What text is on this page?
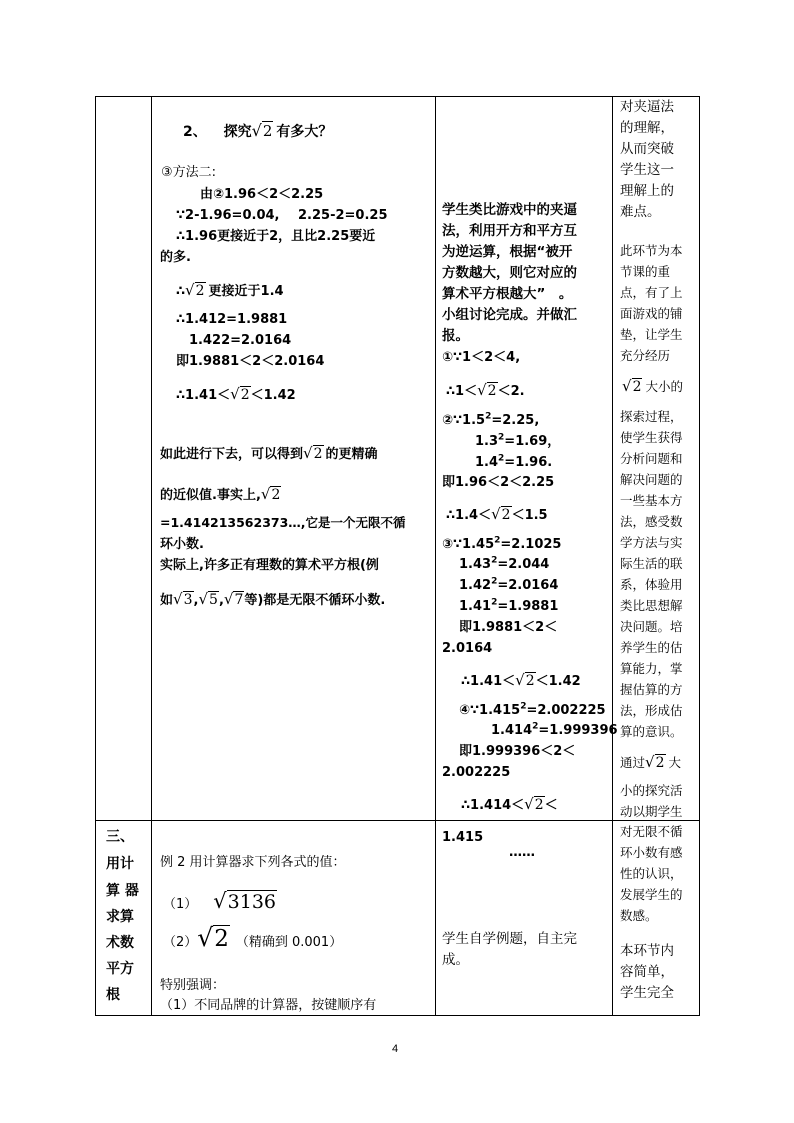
2、 探究√2 有多大？
③方法二:
由②1.96＜2＜2.25
∵2-1.96=0.04, 2.25-2=0.25
∴1.96更接近于2，且比2.25要近
的多.
∴√2 更接近于1.4
∴1.412=1.9881
1.422=2.0164
即1.9881＜2＜2.0164
∴1.41＜√2＜1.42
如此进行下去，可以得到√2 的更精确
的近似值.事实上,√2
=1.414213562373…,它是一个无限不循
环小数.
实际上,许多正有理数的算术平方根(例
如√3,√5,√7等)都是无限不循环小数.
学生类比游戏中的夹逼
法，利用开方和平方互
为逆运算，根据“被开
方数越大，则它对应的
算术平方根越大”　。
小组讨论完成。并做汇
报。
①∵1＜2＜4,
∴1＜√2＜2.
$②\because 1.5^2=2.25$,
$1.3^2=1.69$，
$1.4^2=1.96$.
即1.96＜2＜2.25
∴1.4＜√2＜1.5
$③\because 1.45^2=2.1025$
$1.43^2=2.044$
$1.42^2=2.0164$
$1.41^2=1.9881$
即1.9881＜2＜
2.0164
∴1.41＜√2＜1.42
$④\because 1.415^2=2.002225$
$1.414^2=1.999396$
即1.999396＜2＜
2.002225
∴1.414＜√2＜
对夹逼法
的理解，
从而突破
学生这一
理解上的
难点。
此环节为本
节课的重
点，有了上
面游戏的铺
垫，让学生
充分经历
√2 大小的
探索过程，
使学生获得
分析问题和
解决问题的
一些基本方
法，感受数
学方法与实
际生活的联
系，体验用
类比思想解
决问题。培
养学生的估
算能力，掌
握估算的方
法，形成估
算的意识。
通过√2 大
小的探究活
动以期学生
三、
用计
算 器
求算
术数
平方
根
例 2 用计算器求下列各式的值：
（1） √3136
（2）√2 （精确到 0.001）
特别强调：
（1）不同品牌的计算器，按键顺序有
1.415
……
学生自学例题，自主完
成。
对无限不循
环小数有感
性的认识，
发展学生的
数感。
本环节内
容简单，
学生完全
4
